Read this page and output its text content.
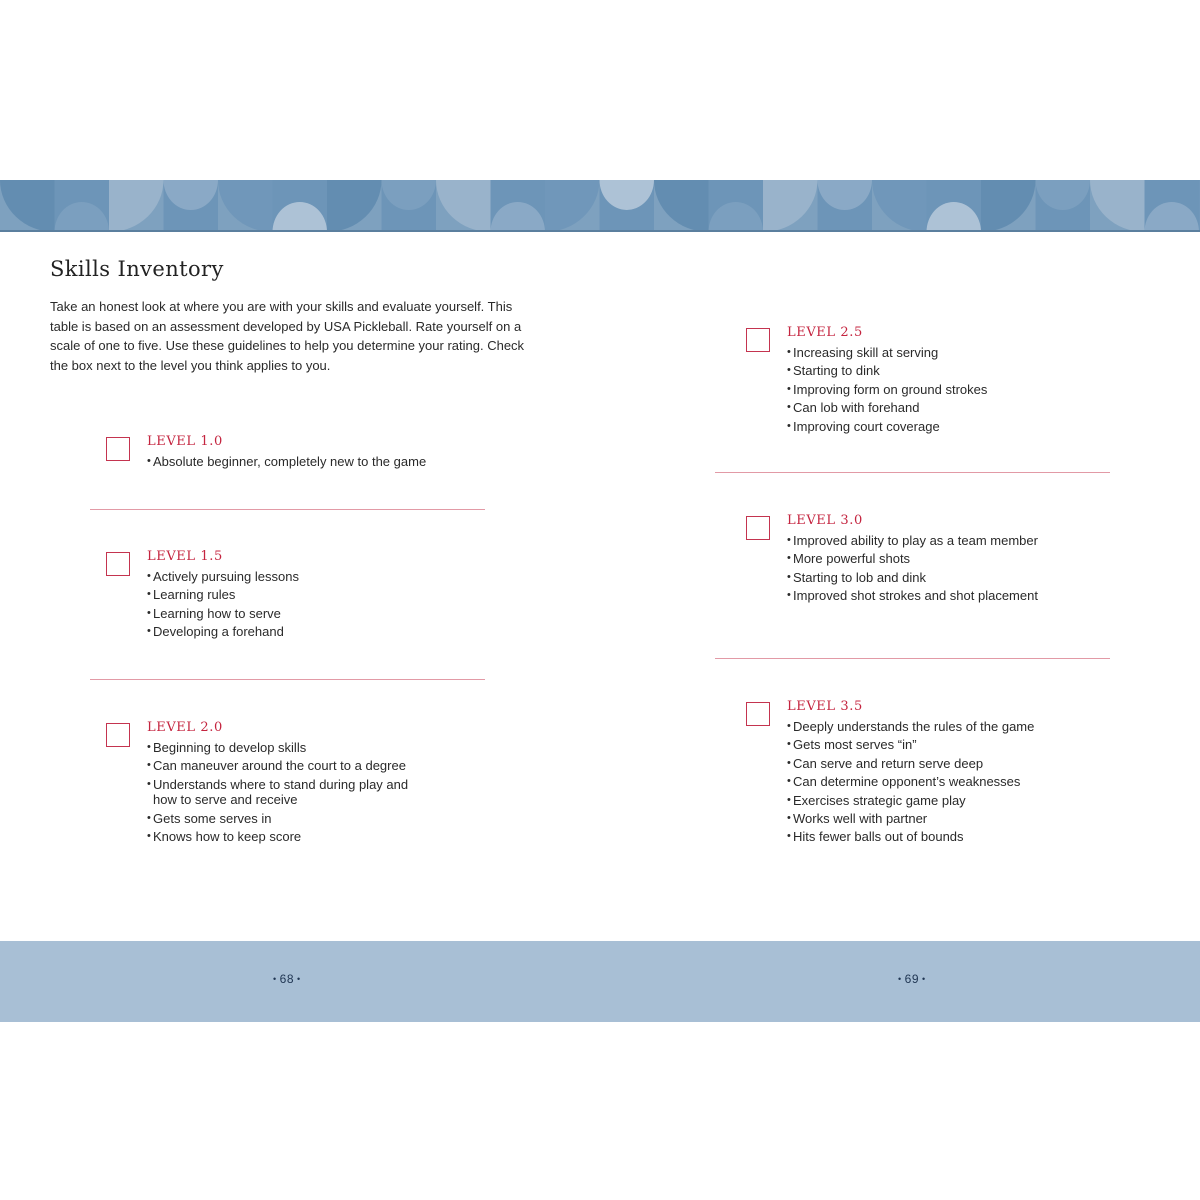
Skills Inventory

Take an honest look at where you are with your skills and evaluate yourself. This table is based on an assessment developed by USA Pickleball. Rate yourself on a scale of one to five. Use these guidelines to help you determine your rating. Check the box next to the level you think applies to you.

LEVEL 1.0
• Absolute beginner, completely new to the game
LEVEL 1.5
• Actively pursuing lessons
• Learning rules
• Learning how to serve
• Developing a forehand
LEVEL 2.0
• Beginning to develop skills
• Can maneuver around the court to a degree
• Understands where to stand during play and how to serve and receive
• Gets some serves in
• Knows how to keep score
LEVEL 2.5
• Increasing skill at serving
• Starting to dink
• Improving form on ground strokes
• Can lob with forehand
• Improving court coverage
LEVEL 3.0
• Improved ability to play as a team member
• More powerful shots
• Starting to lob and dink
• Improved shot strokes and shot placement
LEVEL 3.5
• Deeply understands the rules of the game
• Gets most serves “in”
• Can serve and return serve deep
• Can determine opponent’s weaknesses
• Exercises strategic game play
• Works well with partner
• Hits fewer balls out of bounds
• 68 •	• 69 •
